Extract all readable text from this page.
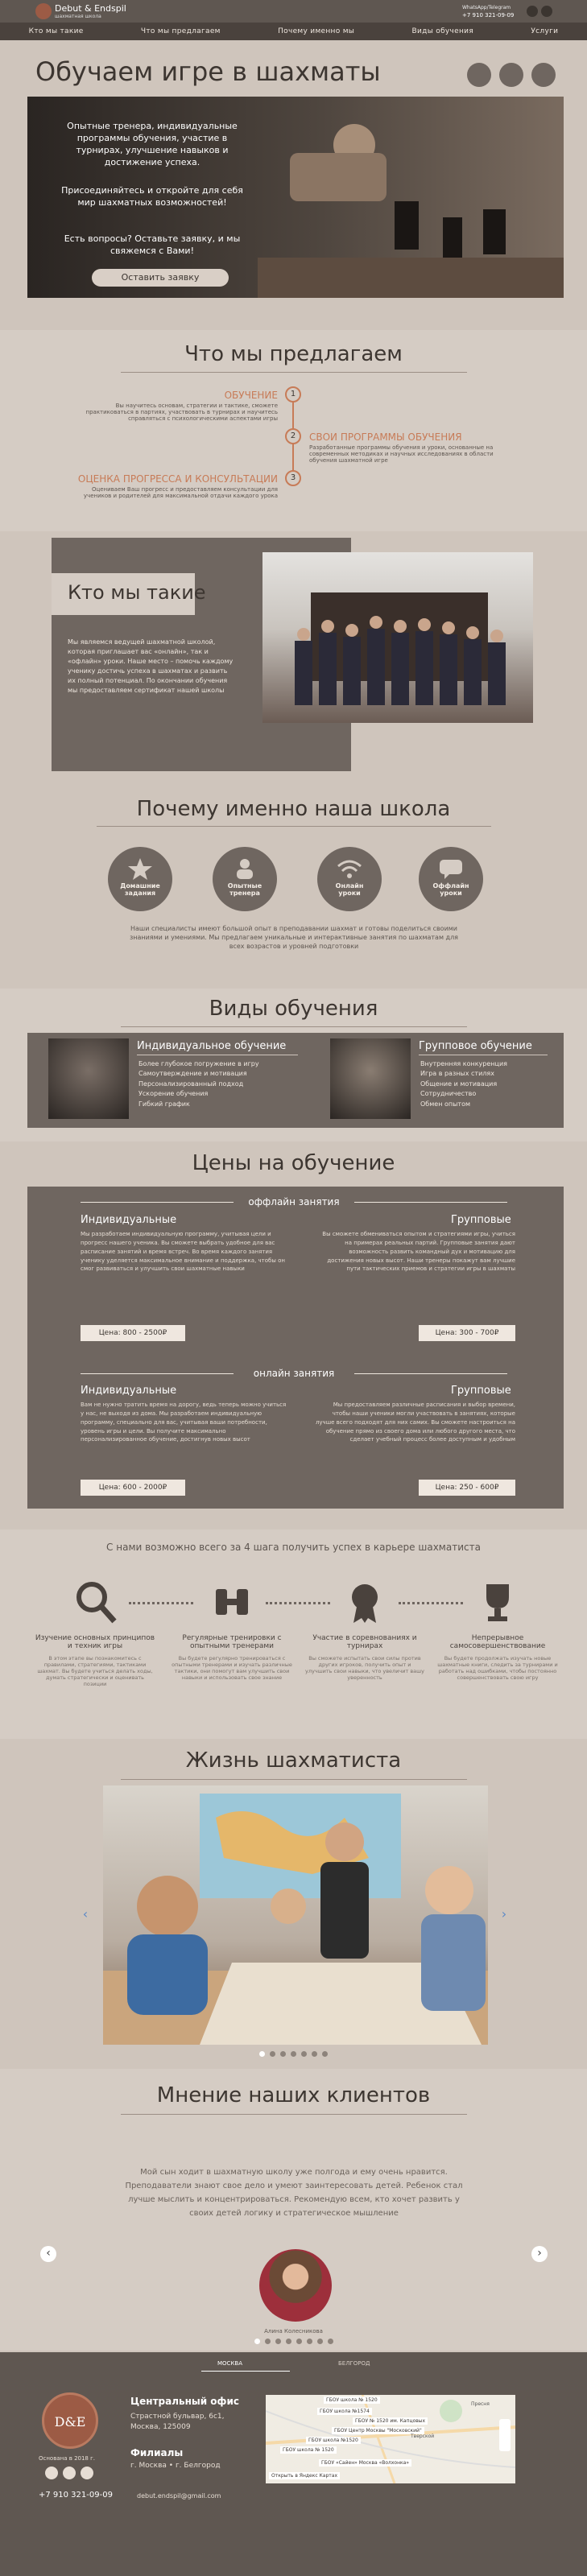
Debut & Endspil
шахматная школа
WhatsApp/Telegram
+7 910 321-09-09
Кто мы такие	Что мы предлагаем	Почему именно мы	Виды обучения	Услуги
Обучаем игре в шахматы
Опытные тренера, индивидуальные программы обучения, участие в турнирах, улучшение навыков и достижение успеха.
Присоединяйтесь и откройте для себя мир шахматных возможностей!
Есть вопросы? Оставьте заявку, и мы свяжемся с Вами!
Оставить заявку
Что мы предлагаем
1
2
3
ОБУЧЕНИЕ
Вы научитесь основам, стратегии и тактике, сможете практиковаться в партиях, участвовать в турнирах и научитесь справляться с психологическими аспектами игры
СВОИ ПРОГРАММЫ ОБУЧЕНИЯ
Разработанные программы обучения и уроки, основанные на современных методиках и научных исследованиях в области обучения шахматной игре
ОЦЕНКА ПРОГРЕССА И КОНСУЛЬТАЦИИ
Оцениваем Ваш прогресс и предоставляем консультации для учеников и родителей для максимальной отдачи каждого урока
Кто мы такие
Мы являемся ведущей шахматной школой, которая приглашает вас «онлайн», так и «офлайн» уроки. Наше место – помочь каждому ученику достичь успеха в шахматах и развить их полный потенциал. По окончании обучения мы предоставляем сертификат нашей школы
Почему именно наша школа
Домашние задания
Опытные тренера
Онлайн уроки
Оффлайн уроки
Наши специалисты имеют большой опыт в преподавании шахмат и готовы поделиться своими знаниями и умениями. Мы предлагаем уникальные и интерактивные занятия по шахматам для всех возрастов и уровней подготовки
Виды обучения
Индивидуальное обучение
Более глубокое погружение в игру
Самоутверждение и мотивация
Персонализированный подход
Ускорение обучения
Гибкий график
Групповое обучение
Внутренняя конкуренция
Игра в разных стилях
Общение и мотивация
Сотрудничество
Обмен опытом
Цены на обучение
оффлайн занятия
Индивидуальные
Мы разработаем индивидуальную программу, учитывая цели и прогресс нашего ученика. Вы сможете выбрать удобное для вас расписание занятий и время встреч. Во время каждого занятия ученику уделяется максимальное внимание и поддержка, чтобы он смог развиваться и улучшить свои шахматные навыки
Цена: 800 - 2500₽
Групповые
Вы сможете обмениваться опытом и стратегиями игры, учиться на примерах реальных партий. Групповые занятия дают возможность развить командный дух и мотивацию для достижения новых высот. Наши тренеры покажут вам лучшие пути тактических приемов и стратегии игры в шахматы
Цена: 300 - 700₽
онлайн занятия
Индивидуальные
Вам не нужно тратить время на дорогу, ведь теперь можно учиться у нас, не выходя из дома. Мы разработаем индивидуальную программу, специально для вас, учитывая ваши потребности, уровень игры и цели. Вы получите максимально персонализированное обучение, достигнув новых высот
Цена: 600 - 2000₽
Групповые
Мы предоставляем различные расписания и выбор времени, чтобы наши ученики могли участвовать в занятиях, которые лучше всего подходят для них самих. Вы сможете настроиться на обучение прямо из своего дома или любого другого места, что сделает учебный процесс более доступным и удобным
Цена: 250 - 600₽
С нами возможно всего за 4 шага получить успех в карьере шахматиста
Изучение основных принципов и техник игры
В этом этапе вы познакомитесь с правилами, стратегиями, тактиками шахмат. Вы будете учиться делать ходы, думать стратегически и оценивать позиции
Регулярные тренировки с опытными тренерами
Вы будете регулярно тренироваться с опытными тренерами и изучать различные тактики, они помогут вам улучшить свои навыки и использовать свое знание
Участие в соревнованиях и турнирах
Вы сможете испытать свои силы против других игроков, получить опыт и улучшить свои навыки, что увеличит вашу уверенность
Непрерывное самосовершенствование
Вы будете продолжать изучать новые шахматные книги, следить за турнирами и работать над ошибками, чтобы постоянно совершенствовать свою игру
Жизнь шахматиста
‹	›
Мнение наших клиентов
Мой сын ходит в шахматную школу уже полгода и ему очень нравится. Преподаватели знают свое дело и умеют заинтересовать детей. Ребенок стал лучше мыслить и концентрироваться. Рекомендую всем, кто хочет развить у своих детей логику и стратегическое мышление
‹	›
Алина Колесникова
МОСКВА	БЕЛГОРОД
D&E
Основана в 2018 г.
Центральный офис
Страстной бульвар, 6с1, Москва, 125009
Филиалы
г. Москва • г. Белгород
+7 910 321-09-09	debut.endspil@gmail.com
ГБОУ школа № 1520
ГБОУ школа №1574
ГБОУ № 1520 им. Капцовых
ГБОУ Центр Москвы "Московский"
ГБОУ школа №1520
ГБОУ школа № 1520
ГБОУ «Сайен» Москва «Волхонка»
Тверской
Пресня
Открыть в Яндекс Картах
